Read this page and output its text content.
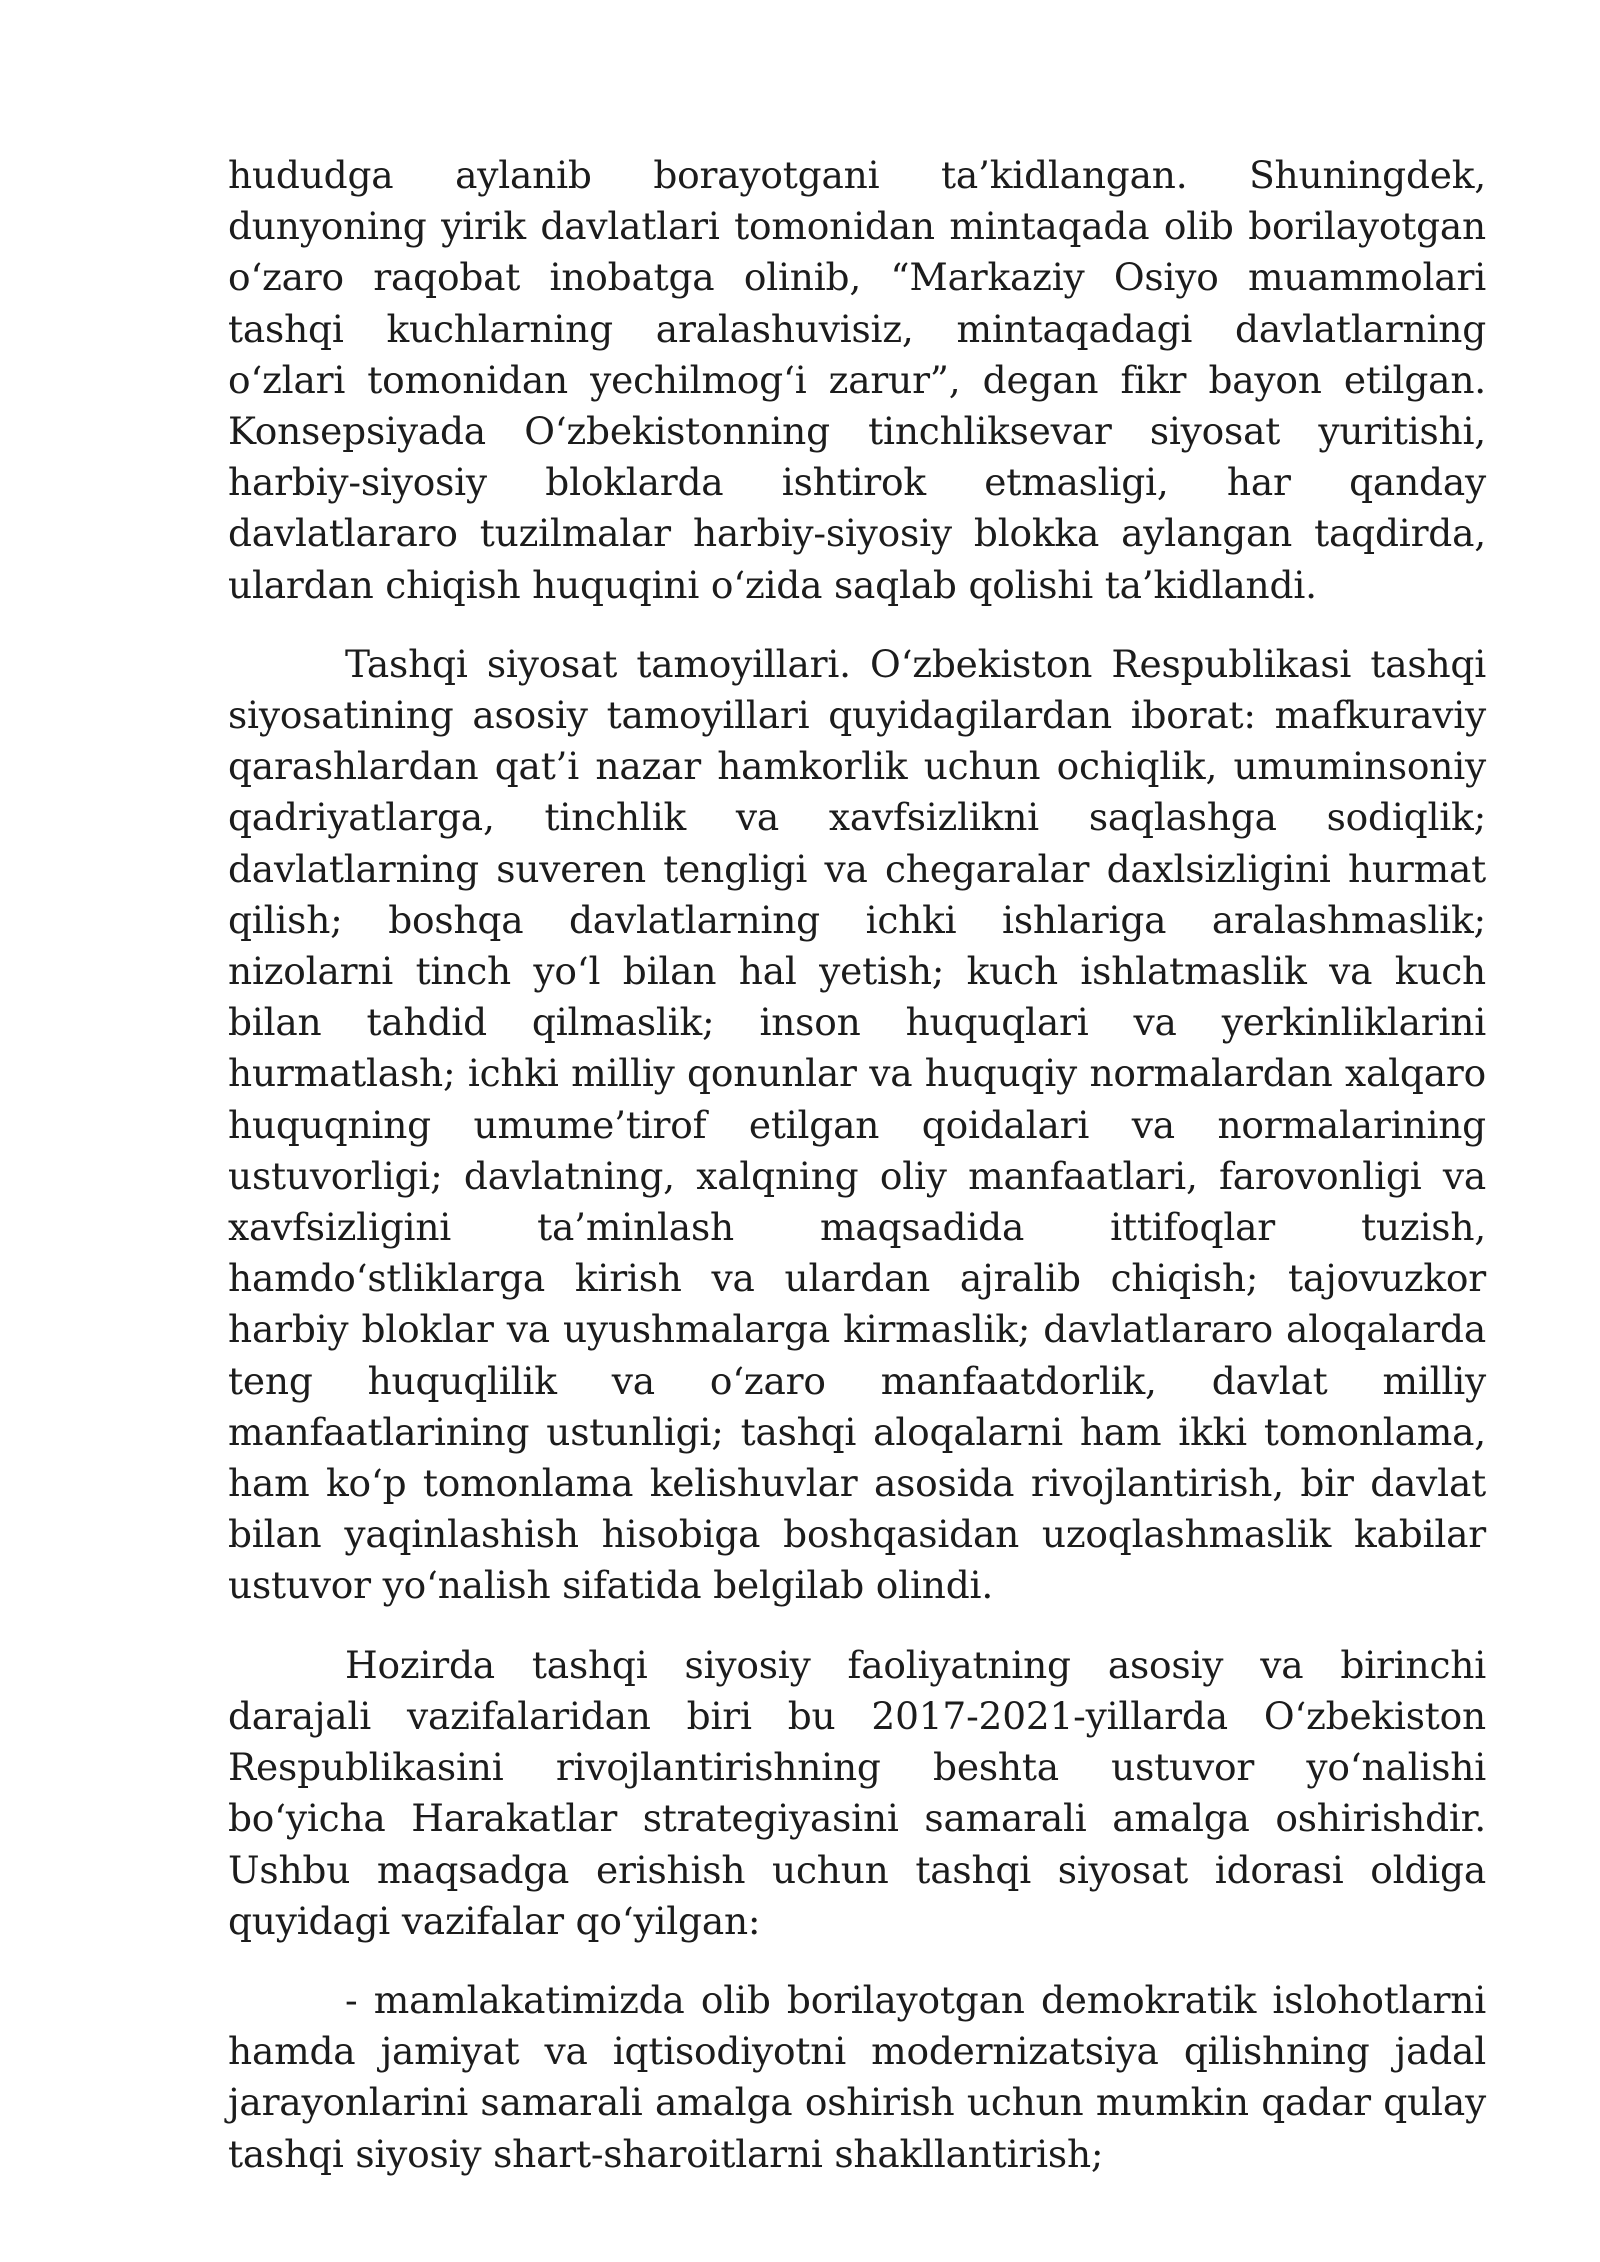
hududga aylanib borayotgani ta’kidlangan. Shuningdek, dunyoning yirik davlatlari tomonidan mintaqada olib borilayotgan o‘zaro raqobat inobatga olinib, “Markaziy Osiyo muammolari tashqi kuchlarning aralashuvisiz, mintaqadagi davlatlarning o‘zlari tomonidan yechilmog‘i zarur”, degan fikr bayon etilgan. Konsepsiyada O‘zbekistonning tinchliksevar siyosat yuritishi, harbiy-siyosiy bloklarda ishtirok etmasligi, har qanday davlatlararo tuzilmalar harbiy-siyosiy blokka aylangan taqdirda, ulardan chiqish huquqini o‘zida saqlab qolishi ta’kidlandi.

Tashqi siyosat tamoyillari. O‘zbekiston Respublikasi tashqi siyosatining asosiy tamoyillari quyidagilardan iborat: mafkuraviy qarashlardan qat’i nazar hamkorlik uchun ochiqlik, umuminsoniy qadriyatlarga, tinchlik va xavfsizlikni saqlashga sodiqlik; davlatlarning suveren tengligi va chegaralar daxlsizligini hurmat qilish; boshqa davlatlarning ichki ishlariga aralashmaslik; nizolarni tinch yo‘l bilan hal yetish; kuch ishlatmaslik va kuch bilan tahdid qilmaslik; inson huquqlari va yerkinliklarini hurmatlash; ichki milliy qonunlar va huquqiy normalardan xalqaro huquqning umume’tirof etilgan qoidalari va normalarining ustuvorligi; davlatning, xalqning oliy manfaatlari, farovonligi va xavfsizligini ta’minlash maqsadida ittifoqlar tuzish, hamdo‘stliklarga kirish va ulardan ajralib chiqish; tajovuzkor harbiy bloklar va uyushmalarga kirmaslik; davlatlararo aloqalarda teng huquqlilik va o‘zaro manfaatdorlik, davlat milliy manfaatlarining ustunligi; tashqi aloqalarni ham ikki tomonlama, ham ko‘p tomonlama kelishuvlar asosida rivojlantirish, bir davlat bilan yaqinlashish hisobiga boshqasidan uzoqlashmaslik kabilar ustuvor yo‘nalish sifatida belgilab olindi.

Hozirda tashqi siyosiy faoliyatning asosiy va birinchi darajali vazifalaridan biri bu 2017-2021-yillarda O‘zbekiston Respublikasini rivojlantirishning beshta ustuvor yo‘nalishi bo‘yicha Harakatlar strategiyasini samarali amalga oshirishdir. Ushbu maqsadga erishish uchun tashqi siyosat idorasi oldiga quyidagi vazifalar qo‘yilgan:

- mamlakatimizda olib borilayotgan demokratik islohotlarni hamda jamiyat va iqtisodiyotni modernizatsiya qilishning jadal jarayonlarini samarali amalga oshirish uchun mumkin qadar qulay tashqi siyosiy shart-sharoitlarni shakllantirish;
